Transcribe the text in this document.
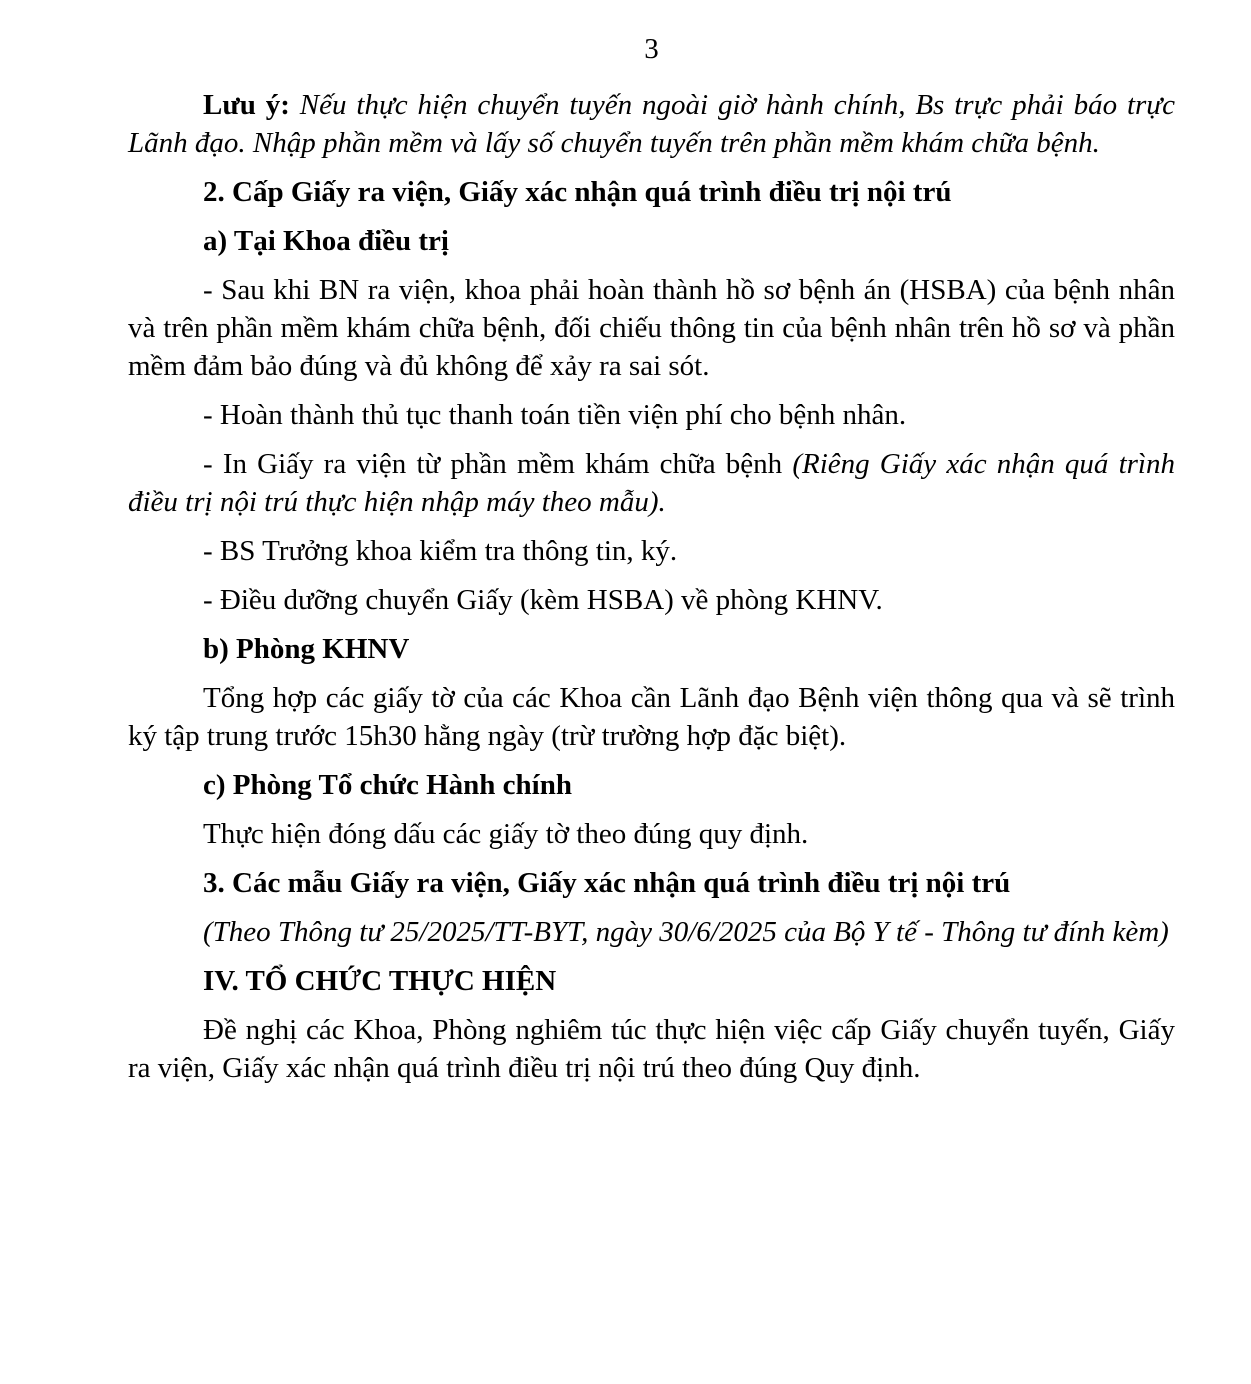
3

Lưu ý: Nếu thực hiện chuyển tuyến ngoài giờ hành chính, Bs trực phải báo trực Lãnh đạo. Nhập phần mềm và lấy số chuyển tuyến trên phần mềm khám chữa bệnh.

2. Cấp Giấy ra viện, Giấy xác nhận quá trình điều trị nội trú

a) Tại Khoa điều trị

- Sau khi BN ra viện, khoa phải hoàn thành hồ sơ bệnh án (HSBA) của bệnh nhân và trên phần mềm khám chữa bệnh, đối chiếu thông tin của bệnh nhân trên hồ sơ và phần mềm đảm bảo đúng và đủ không để xảy ra sai sót.

- Hoàn thành thủ tục thanh toán tiền viện phí cho bệnh nhân.

- In Giấy ra viện từ phần mềm khám chữa bệnh (Riêng Giấy xác nhận quá trình điều trị nội trú thực hiện nhập máy theo mẫu).

- BS Trưởng khoa kiểm tra thông tin, ký.

- Điều dưỡng chuyển Giấy (kèm HSBA) về phòng KHNV.

b) Phòng KHNV

Tổng hợp các giấy tờ của các Khoa cần Lãnh đạo Bệnh viện thông qua và sẽ trình ký tập trung trước 15h30 hằng ngày (trừ trường hợp đặc biệt).

c) Phòng Tổ chức Hành chính

Thực hiện đóng dấu các giấy tờ theo đúng quy định.

3. Các mẫu Giấy ra viện, Giấy xác nhận quá trình điều trị nội trú

(Theo Thông tư 25/2025/TT-BYT, ngày 30/6/2025 của Bộ Y tế - Thông tư đính kèm)

IV. TỔ CHỨC THỰC HIỆN

Đề nghị các Khoa, Phòng nghiêm túc thực hiện việc cấp Giấy chuyển tuyến, Giấy ra viện, Giấy xác nhận quá trình điều trị nội trú theo đúng Quy định.
